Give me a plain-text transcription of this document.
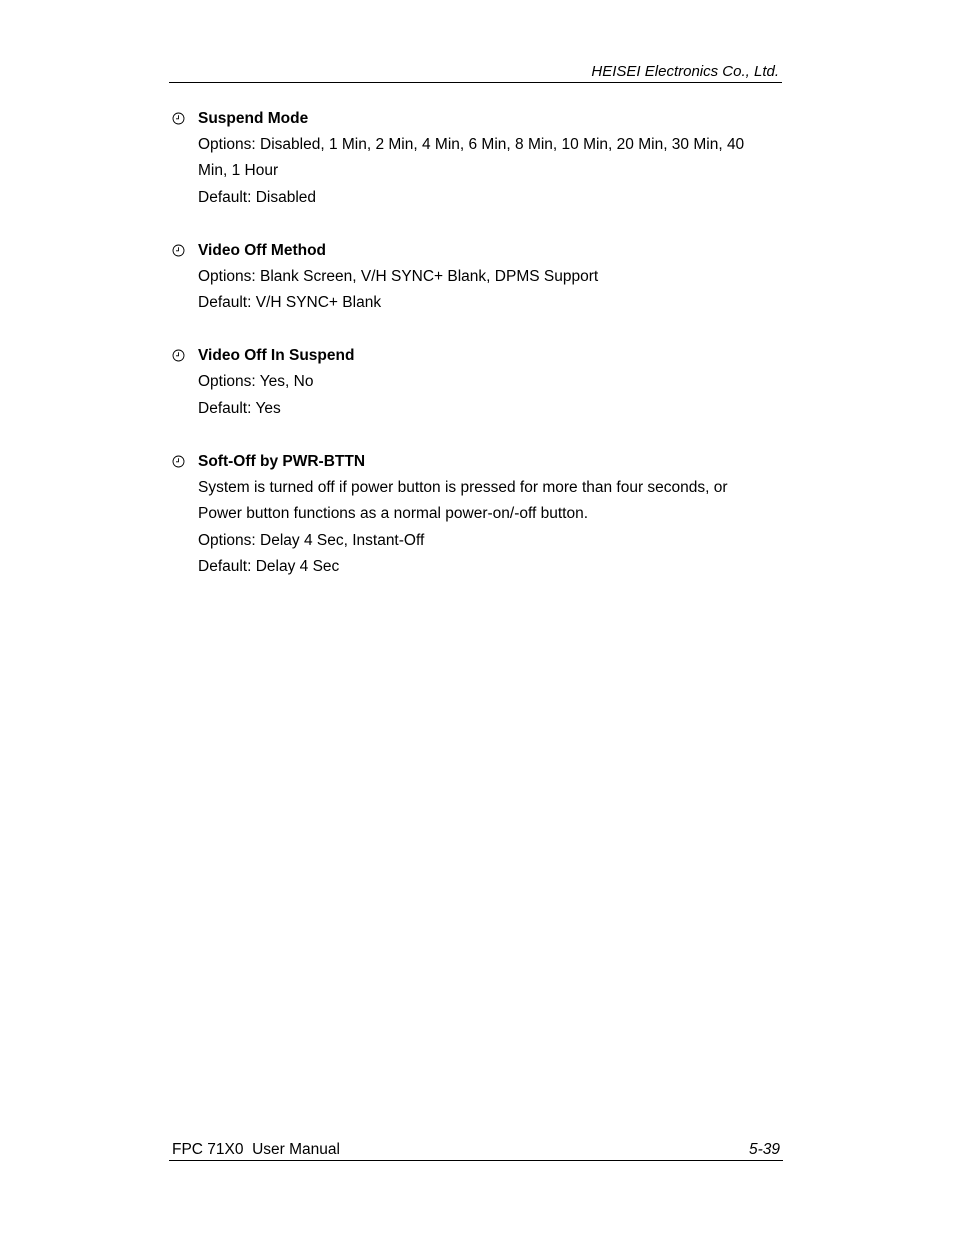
HEISEI Electronics Co., Ltd.
Suspend Mode
Options: Disabled, 1 Min, 2 Min, 4 Min, 6 Min, 8 Min, 10 Min, 20 Min, 30 Min, 40
Min, 1 Hour
Default: Disabled
Video Off Method
Options: Blank Screen, V/H SYNC+ Blank, DPMS Support
Default: V/H SYNC+ Blank
Video Off In Suspend
Options: Yes, No
Default: Yes
Soft-Off by PWR-BTTN
System is turned off if power button is pressed for more than four seconds, or
Power button functions as a normal power-on/-off button.
Options: Delay 4 Sec, Instant-Off
Default: Delay 4 Sec
FPC 71X0  User Manual	5-39
